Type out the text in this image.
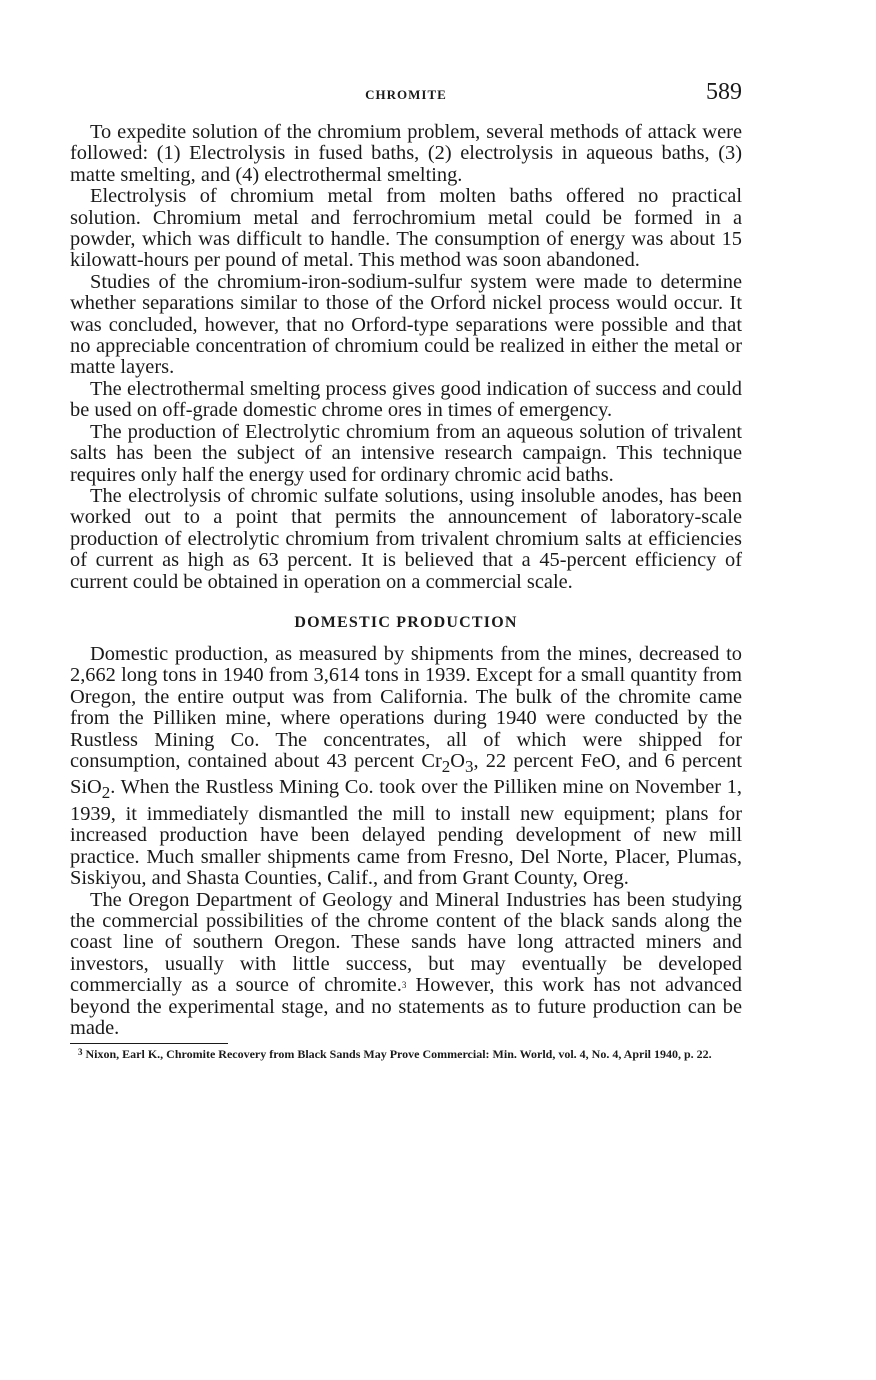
CHROMITE	589

To expedite solution of the chromium problem, several methods of attack were followed: (1) Electrolysis in fused baths, (2) electrolysis in aqueous baths, (3) matte smelting, and (4) electrothermal smelting.

Electrolysis of chromium metal from molten baths offered no practical solution. Chromium metal and ferrochromium metal could be formed in a powder, which was difficult to handle. The consumption of energy was about 15 kilowatt-hours per pound of metal. This method was soon abandoned.

Studies of the chromium-iron-sodium-sulfur system were made to determine whether separations similar to those of the Orford nickel process would occur. It was concluded, however, that no Orford-type separations were possible and that no appreciable concentration of chromium could be realized in either the metal or matte layers.

The electrothermal smelting process gives good indication of success and could be used on off-grade domestic chrome ores in times of emergency.

The production of Electrolytic chromium from an aqueous solution of trivalent salts has been the subject of an intensive research campaign. This technique requires only half the energy used for ordinary chromic acid baths.

The electrolysis of chromic sulfate solutions, using insoluble anodes, has been worked out to a point that permits the announcement of laboratory-scale production of electrolytic chromium from trivalent chromium salts at efficiencies of current as high as 63 percent. It is believed that a 45-percent efficiency of current could be obtained in operation on a commercial scale.

DOMESTIC PRODUCTION

Domestic production, as measured by shipments from the mines, decreased to 2,662 long tons in 1940 from 3,614 tons in 1939. Except for a small quantity from Oregon, the entire output was from California. The bulk of the chromite came from the Pilliken mine, where operations during 1940 were conducted by the Rustless Mining Co. The concentrates, all of which were shipped for consumption, contained about 43 percent $Cr_2O_3$, 22 percent FeO, and 6 percent SiO$_2$. When the Rustless Mining Co. took over the Pilliken mine on November 1, 1939, it immediately dismantled the mill to install new equipment; plans for increased production have been delayed pending development of new mill practice. Much smaller shipments came from Fresno, Del Norte, Placer, Plumas, Siskiyou, and Shasta Counties, Calif., and from Grant County, Oreg.

The Oregon Department of Geology and Mineral Industries has been studying the commercial possibilities of the chrome content of the black sands along the coast line of southern Oregon. These sands have long attracted miners and investors, usually with little success, but may eventually be developed commercially as a source of chromite.$^3$ However, this work has not advanced beyond the experimental stage, and no statements as to future production can be made.

$^3$ Nixon, Earl K., Chromite Recovery from Black Sands May Prove Commercial: Min. World, vol. 4, No. 4, April 1940, p. 22.
